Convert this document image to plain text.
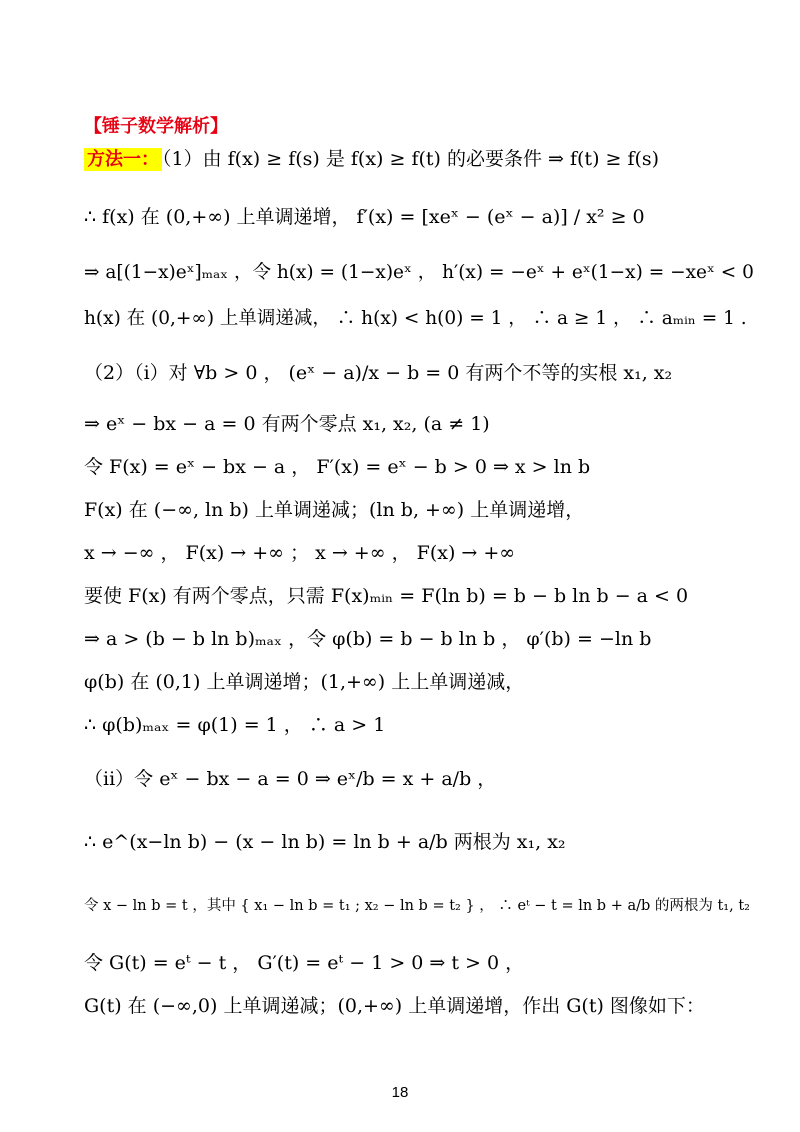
【锤子数学解析】
方法一： （1）由 f(x) ≥ f(s) 是 f(x) ≥ f(t) 的必要条件 ⇒ f(t) ≥ f(s)
∴ f(x) 在 (0,+∞) 上单调递增， f′(x) = [xeˣ − (eˣ − a)] / x² ≥ 0
⇒ a[(1−x)eˣ]ₘₐₓ ，令 h(x) = (1−x)eˣ ， h′(x) = −eˣ + eˣ(1−x) = −xeˣ < 0
h(x) 在 (0,+∞) 上单调递减， ∴ h(x) < h(0) = 1 ， ∴ a ≥ 1 ， ∴ aₘᵢₙ = 1 .
（2）（i）对 ∀b > 0 ， (eˣ − a)/x − b = 0 有两个不等的实根 x₁, x₂
⇒ eˣ − bx − a = 0 有两个零点 x₁, x₂, (a ≠ 1)
令 F(x) = eˣ − bx − a ， F′(x) = eˣ − b > 0 ⇒ x > ln b
F(x) 在 (−∞, ln b) 上单调递减；(ln b, +∞) 上单调递增，
x → −∞ ， F(x) → +∞ ； x → +∞ ， F(x) → +∞
要使 F(x) 有两个零点，只需 F(x)ₘᵢₙ = F(ln b) = b − b ln b − a < 0
⇒ a > (b − b ln b)ₘₐₓ ，令 φ(b) = b − b ln b ， φ′(b) = −ln b
φ(b) 在 (0,1) 上单调递增；(1,+∞) 上上单调递减，
∴ φ(b)ₘₐₓ = φ(1) = 1 ， ∴ a > 1
（ii）令 eˣ − bx − a = 0 ⇒ eˣ/b = x + a/b ，
∴ e^(x−ln b) − (x − ln b) = ln b + a/b 两根为 x₁, x₂
令 x − ln b = t ，其中 { x₁ − ln b = t₁ ; x₂ − ln b = t₂ } ， ∴ eᵗ − t = ln b + a/b 的两根为 t₁, t₂
令 G(t) = eᵗ − t ， G′(t) = eᵗ − 1 > 0 ⇒ t > 0 ，
G(t) 在 (−∞,0) 上单调递减；(0,+∞) 上单调递增，作出 G(t) 图像如下：
18
